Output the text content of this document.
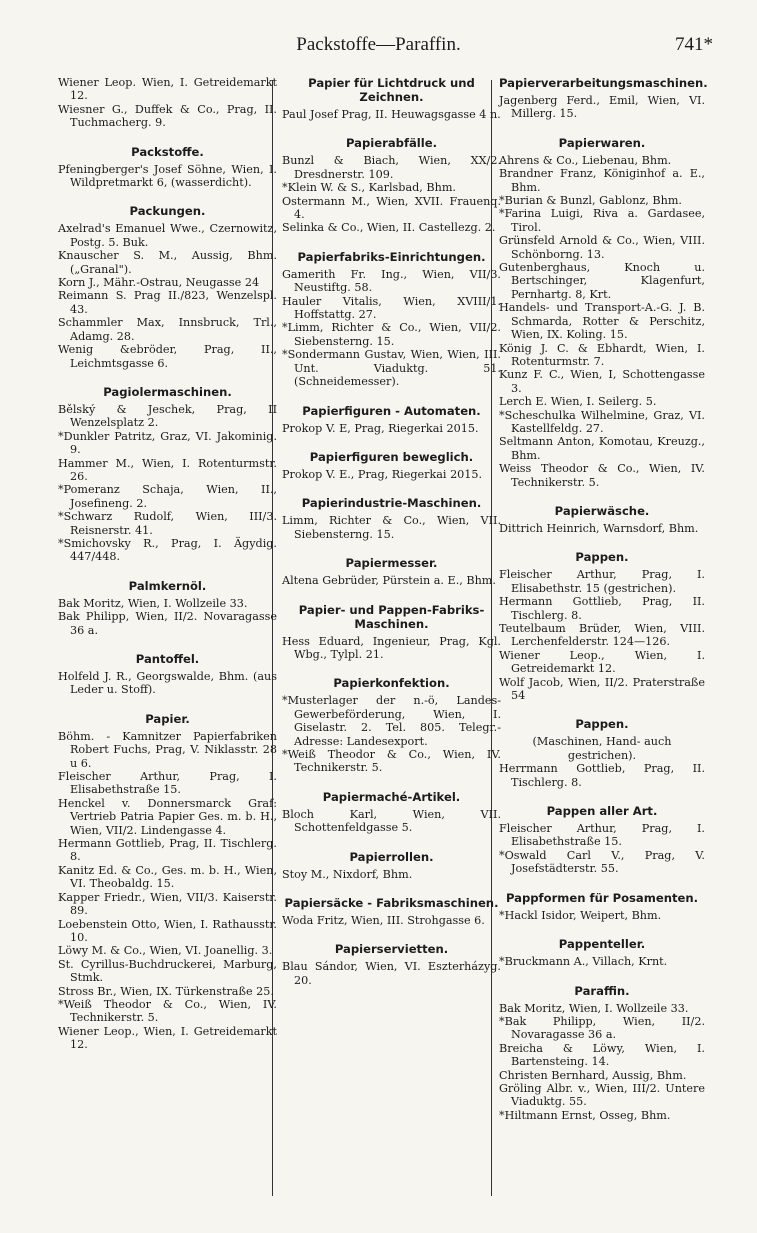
Packstoffe—Paraffin.	741*

Wiener Leop. Wien, I. Getreidemarkt 12.

Wiesner G., Duffek & Co., Prag, II. Tuchmacherg. 9.

Packstoffe.

Pfeningberger's Josef Söhne, Wien, I. Wildpretmarkt 6, (wasserdicht).

Packungen.

Axelrad's Emanuel Wwe., Czernowitz, Postg. 5. Buk.

Knauscher S. M., Aussig, Bhm. („Granal").

Korn J., Mähr.-Ostrau, Neugasse 24

Reimann S. Prag II./823, Wenzelspl. 43.

Schammler Max, Innsbruck, Trl., Adamg. 28.

Wenig &ebröder, Prag, II., Leichmtsgasse 6.

Pagiolermaschinen.

Bělský & Jeschek, Prag, II Wenzelsplatz 2.

*Dunkler Patritz, Graz, VI. Jakominig. 9.

Hammer M., Wien, I. Rotenturmstr. 26.

*Pomeranz Schaja, Wien, II., Josefineng. 2.

*Schwarz Rudolf, Wien, III/3. Reisnerstr. 41.

*Smichovsky R., Prag, I. Ägydig. 447/448.

Palmkernöl.

Bak Moritz, Wien, I. Wollzeile 33.

Bak Philipp, Wien, II/2. Novaragasse 36 a.

Pantoffel.

Holfeld J. R., Georgswalde, Bhm. (aus Leder u. Stoff).

Papier.

Böhm. - Kamnitzer Papierfabriken Robert Fuchs, Prag, V. Niklasstr. 28 u 6.

Fleischer Arthur, Prag, I. Elisabethstraße 15.

Henckel v. Donnersmarck Graf: Vertrieb Patria Papier Ges. m. b. H., Wien, VII/2. Lindengasse 4.

Hermann Gottlieb, Prag, II. Tischlerg. 8.

Kanitz Ed. & Co., Ges. m. b. H., Wien, VI. Theobaldg. 15.

Kapper Friedr., Wien, VII/3. Kaiserstr. 89.

Loebenstein Otto, Wien, I. Rathausstr. 10.

Löwy M. & Co., Wien, VI. Joanellig. 3.

St. Cyrillus-Buchdruckerei, Marburg, Stmk.

Stross Br., Wien, IX. Türkenstraße 25.

*Weiß Theodor & Co., Wien, IV. Technikerstr. 5.

Wiener Leop., Wien, I. Getreidemarkt 12.

Papier für Lichtdruck und Zeichnen.

Paul Josef Prag, II. Heuwagsgasse 4 n.

Papierabfälle.

Bunzl & Biach, Wien, XX/2. Dresdnerstr. 109.

*Klein W. & S., Karlsbad, Bhm.

Ostermann M., Wien, XVII. Frauenq. 4.

Selinka & Co., Wien, II. Castellezg. 2.

Papierfabriks-Einrichtungen.

Gamerith Fr. Ing., Wien, VII/3. Neustiftg. 58.

Hauler Vitalis, Wien, XVIII/1. Hoffstattg. 27.

*Limm, Richter & Co., Wien, VII/2. Siebensterng. 15.

*Sondermann Gustav, Wien, Wien, III. Unt. Viaduktg. 51. (Schneidemesser).

Papierfiguren - Automaten.

Prokop V. E, Prag, Riegerkai 2015.

Papierfiguren beweglich.

Prokop V. E., Prag, Riegerkai 2015.

Papierindustrie-Maschinen.

Limm, Richter & Co., Wien, VII. Siebensterng. 15.

Papiermesser.

Altena Gebrüder, Pürstein a. E., Bhm.

Papier- und Pappen-Fabriks-Maschinen.

Hess Eduard, Ingenieur, Prag, Kgl. Wbg., Tylpl. 21.

Papierkonfektion.

*Musterlager der n.-ö, Landes-Gewerbeförderung, Wien, I. Giselastr. 2. Tel. 805. Telegr.-Adresse: Landesexport.

*Weiß Theodor & Co., Wien, IV. Technikerstr. 5.

Papiermaché-Artikel.

Bloch Karl, Wien, VII. Schottenfeldgasse 5.

Papierrollen.

Stoy M., Nixdorf, Bhm.

Papiersäcke - Fabriksmaschinen.

Woda Fritz, Wien, III. Strohgasse 6.

Papierservietten.

Blau Sándor, Wien, VI. Eszterházyg. 20.

Papierverarbeitungsmaschinen.

Jagenberg Ferd., Emil, Wien, VI. Millerg. 15.

Papierwaren.

Ahrens & Co., Liebenau, Bhm.

Brandner Franz, Königinhof a. E., Bhm.

*Burian & Bunzl, Gablonz, Bhm.

*Farina Luigi, Riva a. Gardasee, Tirol.

Grünsfeld Arnold & Co., Wien, VIII. Schönborng. 13.

Gutenberghaus, Knoch u. Bertschinger, Klagenfurt, Pernhartg. 8, Krt.

Handels- und Transport-A.-G. J. B. Schmarda, Rotter & Perschitz, Wien, IX. Koling. 15.

König J. C. & Ebhardt, Wien, I. Rotenturmstr. 7.

Kunz F. C., Wien, I, Schottengasse 3.

Lerch E. Wien, I. Seilerg. 5.

*Scheschulka Wilhelmine, Graz, VI. Kastellfeldg. 27.

Seltmann Anton, Komotau, Kreuzg., Bhm.

Weiss Theodor & Co., Wien, IV. Technikerstr. 5.

Papierwäsche.

Dittrich Heinrich, Warnsdorf, Bhm.

Pappen.

Fleischer Arthur, Prag, I. Elisabethstr. 15 (gestrichen).

Hermann Gottlieb, Prag, II. Tischlerg. 8.

Teutelbaum Brüder, Wien, VIII. Lerchenfelderstr. 124—126.

Wiener Leop., Wien, I. Getreidemarkt 12.

Wolf Jacob, Wien, II/2. Praterstraße 54

Pappen.

(Maschinen, Hand- auch gestrichen).

Herrmann Gottlieb, Prag, II. Tischlerg. 8.

Pappen aller Art.

Fleischer Arthur, Prag, I. Elisabethstraße 15.

*Oswald Carl V., Prag, V. Josefstädterstr. 55.

Pappformen für Posamenten.

*Hackl Isidor, Weipert, Bhm.

Pappenteller.

*Bruckmann A., Villach, Krnt.

Paraffin.

Bak Moritz, Wien, I. Wollzeile 33.

*Bak Philipp, Wien, II/2. Novaragasse 36 a.

Breicha & Löwy, Wien, I. Bartensteing. 14.

Christen Bernhard, Aussig, Bhm.

Gröling Albr. v., Wien, III/2. Untere Viaduktg. 55.

*Hiltmann Ernst, Osseg, Bhm.
